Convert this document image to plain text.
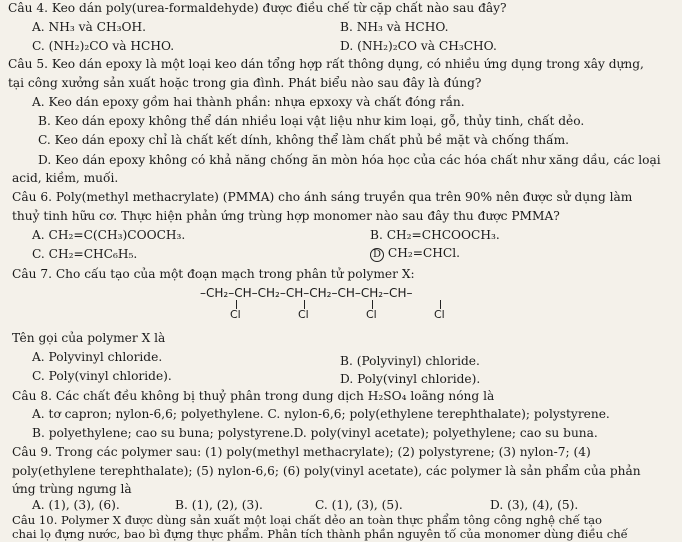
Câu 4. Keo dán poly(urea-formaldehyde) được điều chế từ cặp chất nào sau đây?
A. NH₃ và CH₃OH.	B. NH₃ và HCHO.
C. (NH₂)₂CO và HCHO.	D. (NH₂)₂CO và CH₃CHO.
Câu 5. Keo dán epoxy là một loại keo dán tổng hợp rất thông dụng, có nhiều ứng dụng trong xây dựng,
tại công xưởng sản xuất hoặc trong gia đình. Phát biểu nào sau đây là đúng?
A. Keo dán epoxy gồm hai thành phần: nhựa epxoxy và chất đóng rắn.
B. Keo dán epoxy không thể dán nhiều loại vật liệu như kim loại, gỗ, thủy tinh, chất dẻo.
C. Keo dán epoxy chỉ là chất kết dính, không thể làm chất phủ bề mặt và chống thấm.
D. Keo dán epoxy không có khả năng chống ăn mòn hóa học của các hóa chất như xăng dầu, các loại
acid, kiềm, muối.
Câu 6. Poly(methyl methacrylate) (PMMA) cho ánh sáng truyền qua trên 90% nên được sử dụng làm
thuỷ tinh hữu cơ. Thực hiện phản ứng trùng hợp monomer nào sau đây thu được PMMA?
A. CH₂=C(CH₃)COOCH₃.	B. CH₂=CHCOOCH₃.
C. CH₂=CHC₆H₅.	D CH₂=CHCl.
Câu 7. Cho cấu tạo của một đoạn mạch trong phân tử polymer X:
–CH₂–CH–CH₂–CH–CH₂–CH–CH₂–CH–
Cl	Cl	Cl	Cl
Tên gọi của polymer X là
A. Polyvinyl chloride.	B. (Polyvinyl) chloride.
C. Poly(vinyl chloride).	D. Poly(vinyl chloride).
Câu 8. Các chất đều không bị thuỷ phân trong dung dịch H₂SO₄ loãng nóng là
A. tơ capron; nylon-6,6; polyethylene. C. nylon-6,6; poly(ethylene terephthalate); polystyrene.
B. polyethylene; cao su buna; polystyrene.D. poly(vinyl acetate); polyethylene; cao su buna.
Câu 9. Trong các polymer sau: (1) poly(methyl methacrylate); (2) polystyrene; (3) nylon-7; (4)
poly(ethylene terephthalate); (5) nylon-6,6; (6) poly(vinyl acetate), các polymer là sản phẩm của phản
ứng trùng ngưng là
A. (1), (3), (6).	B. (1), (2), (3).	C. (1), (3), (5).	D. (3), (4), (5).
Câu 10. Polymer X được dùng sản xuất một loại chất dẻo an toàn thực phẩm tông công nghệ chế tạo
chai lọ đựng nước, bao bì đựng thực phẩm. Phân tích thành phần nguyên tố của monomer dùng điều chế
